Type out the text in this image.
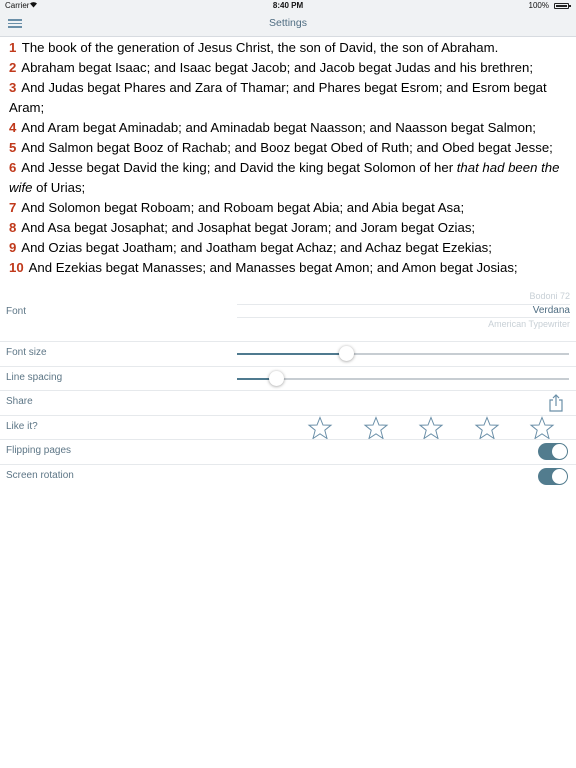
Carrier	8:40 PM	100%
Settings

1 The book of the generation of Jesus Christ, the son of David, the son of Abraham.

2 Abraham begat Isaac; and Isaac begat Jacob; and Jacob begat Judas and his brethren;

3 And Judas begat Phares and Zara of Thamar; and Phares begat Esrom; and Esrom begat Aram;

4 And Aram begat Aminadab; and Aminadab begat Naasson; and Naasson begat Salmon;

5 And Salmon begat Booz of Rachab; and Booz begat Obed of Ruth; and Obed begat Jesse;

6 And Jesse begat David the king; and David the king begat Solomon of her that had been the wife of Urias;

7 And Solomon begat Roboam; and Roboam begat Abia; and Abia begat Asa;

8 And Asa begat Josaphat; and Josaphat begat Joram; and Joram begat Ozias;

9 And Ozias begat Joatham; and Joatham begat Achaz; and Achaz begat Ezekias;

10 And Ezekias begat Manasses; and Manasses begat Amon; and Amon begat Josias;

Font
Bodoni 72
Verdana
American Typewriter
Font size
Line spacing
Share
Like it?
Flipping pages
Screen rotation
